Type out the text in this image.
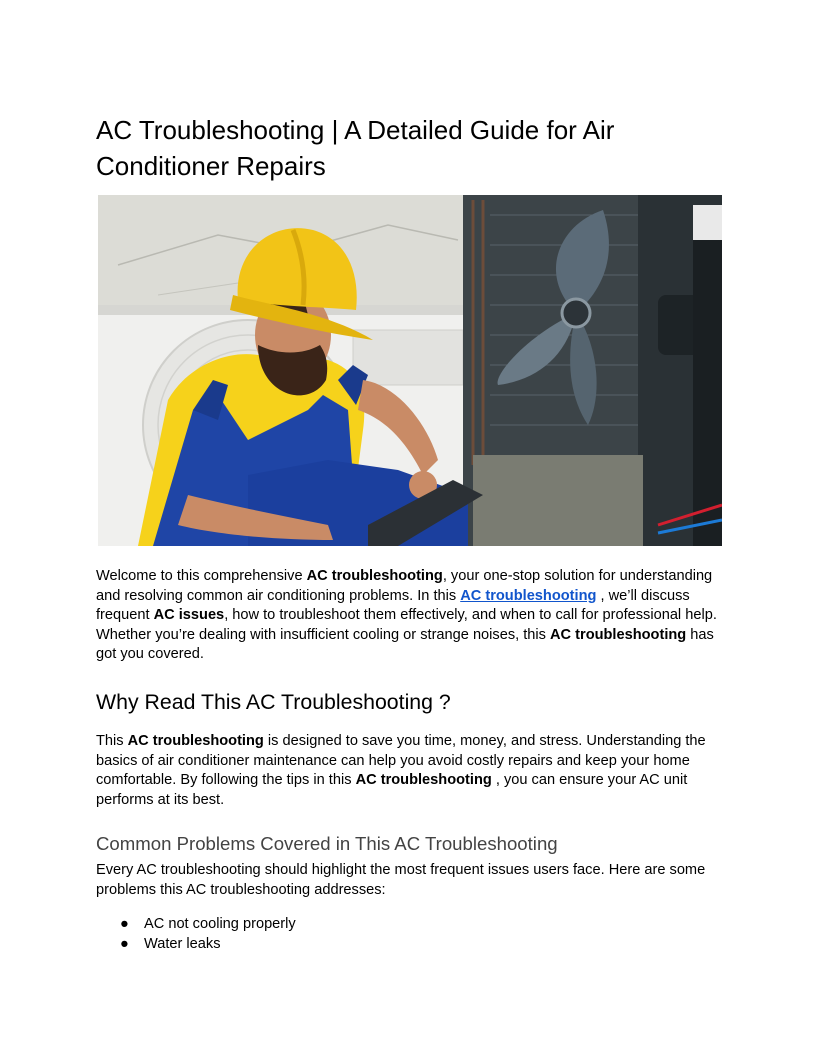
AC Troubleshooting | A Detailed Guide for Air Conditioner Repairs

Welcome to this comprehensive AC troubleshooting, your one-stop solution for understanding and resolving common air conditioning problems. In this AC troubleshooting , we’ll discuss frequent AC issues, how to troubleshoot them effectively, and when to call for professional help. Whether you’re dealing with insufficient cooling or strange noises, this AC troubleshooting has got you covered.

Why Read This AC Troubleshooting ?

This AC troubleshooting is designed to save you time, money, and stress. Understanding the basics of air conditioner maintenance can help you avoid costly repairs and keep your home comfortable. By following the tips in this AC troubleshooting , you can ensure your AC unit performs at its best.

Common Problems Covered in This AC Troubleshooting

Every AC troubleshooting should highlight the most frequent issues users face. Here are some problems this AC troubleshooting addresses:

● AC not cooling properly
● Water leaks
